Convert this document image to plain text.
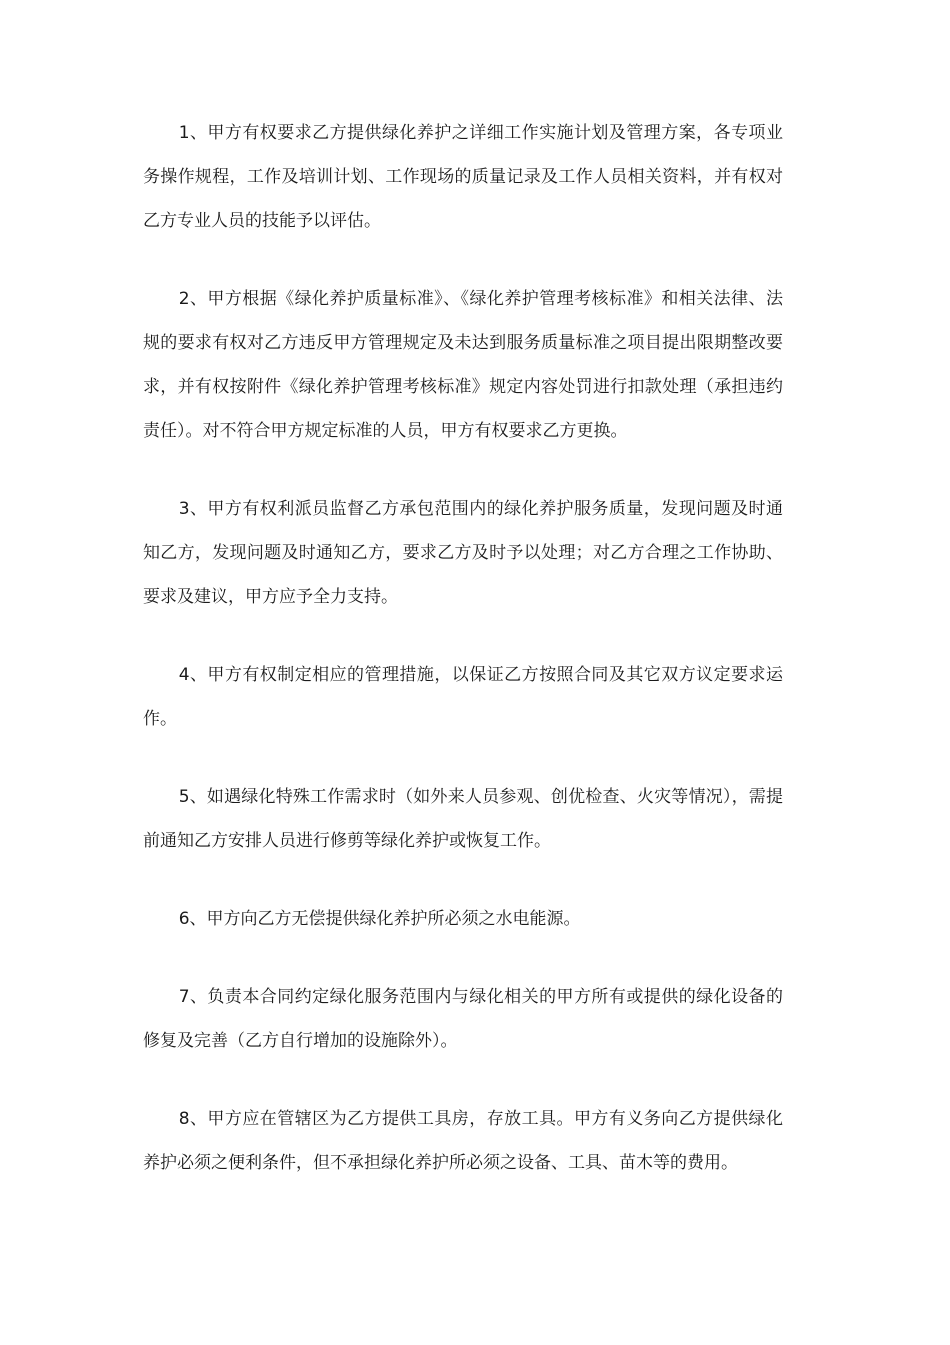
1、甲方有权要求乙方提供绿化养护之详细工作实施计划及管理方案，各专项业务操作规程，工作及培训计划、工作现场的质量记录及工作人员相关资料，并有权对乙方专业人员的技能予以评估。

2、甲方根据《绿化养护质量标准》、《绿化养护管理考核标准》和相关法律、法规的要求有权对乙方违反甲方管理规定及未达到服务质量标准之项目提出限期整改要求，并有权按附件《绿化养护管理考核标准》规定内容处罚进行扣款处理（承担违约责任）。对不符合甲方规定标准的人员，甲方有权要求乙方更换。

3、甲方有权利派员监督乙方承包范围内的绿化养护服务质量，发现问题及时通知乙方，发现问题及时通知乙方，要求乙方及时予以处理；对乙方合理之工作协助、要求及建议，甲方应予全力支持。

4、甲方有权制定相应的管理措施，以保证乙方按照合同及其它双方议定要求运作。

5、如遇绿化特殊工作需求时（如外来人员参观、创优检查、火灾等情况），需提前通知乙方安排人员进行修剪等绿化养护或恢复工作。

6、甲方向乙方无偿提供绿化养护所必须之水电能源。

7、负责本合同约定绿化服务范围内与绿化相关的甲方所有或提供的绿化设备的修复及完善（乙方自行增加的设施除外）。

8、甲方应在管辖区为乙方提供工具房，存放工具。甲方有义务向乙方提供绿化养护必须之便利条件，但不承担绿化养护所必须之设备、工具、苗木等的费用。
